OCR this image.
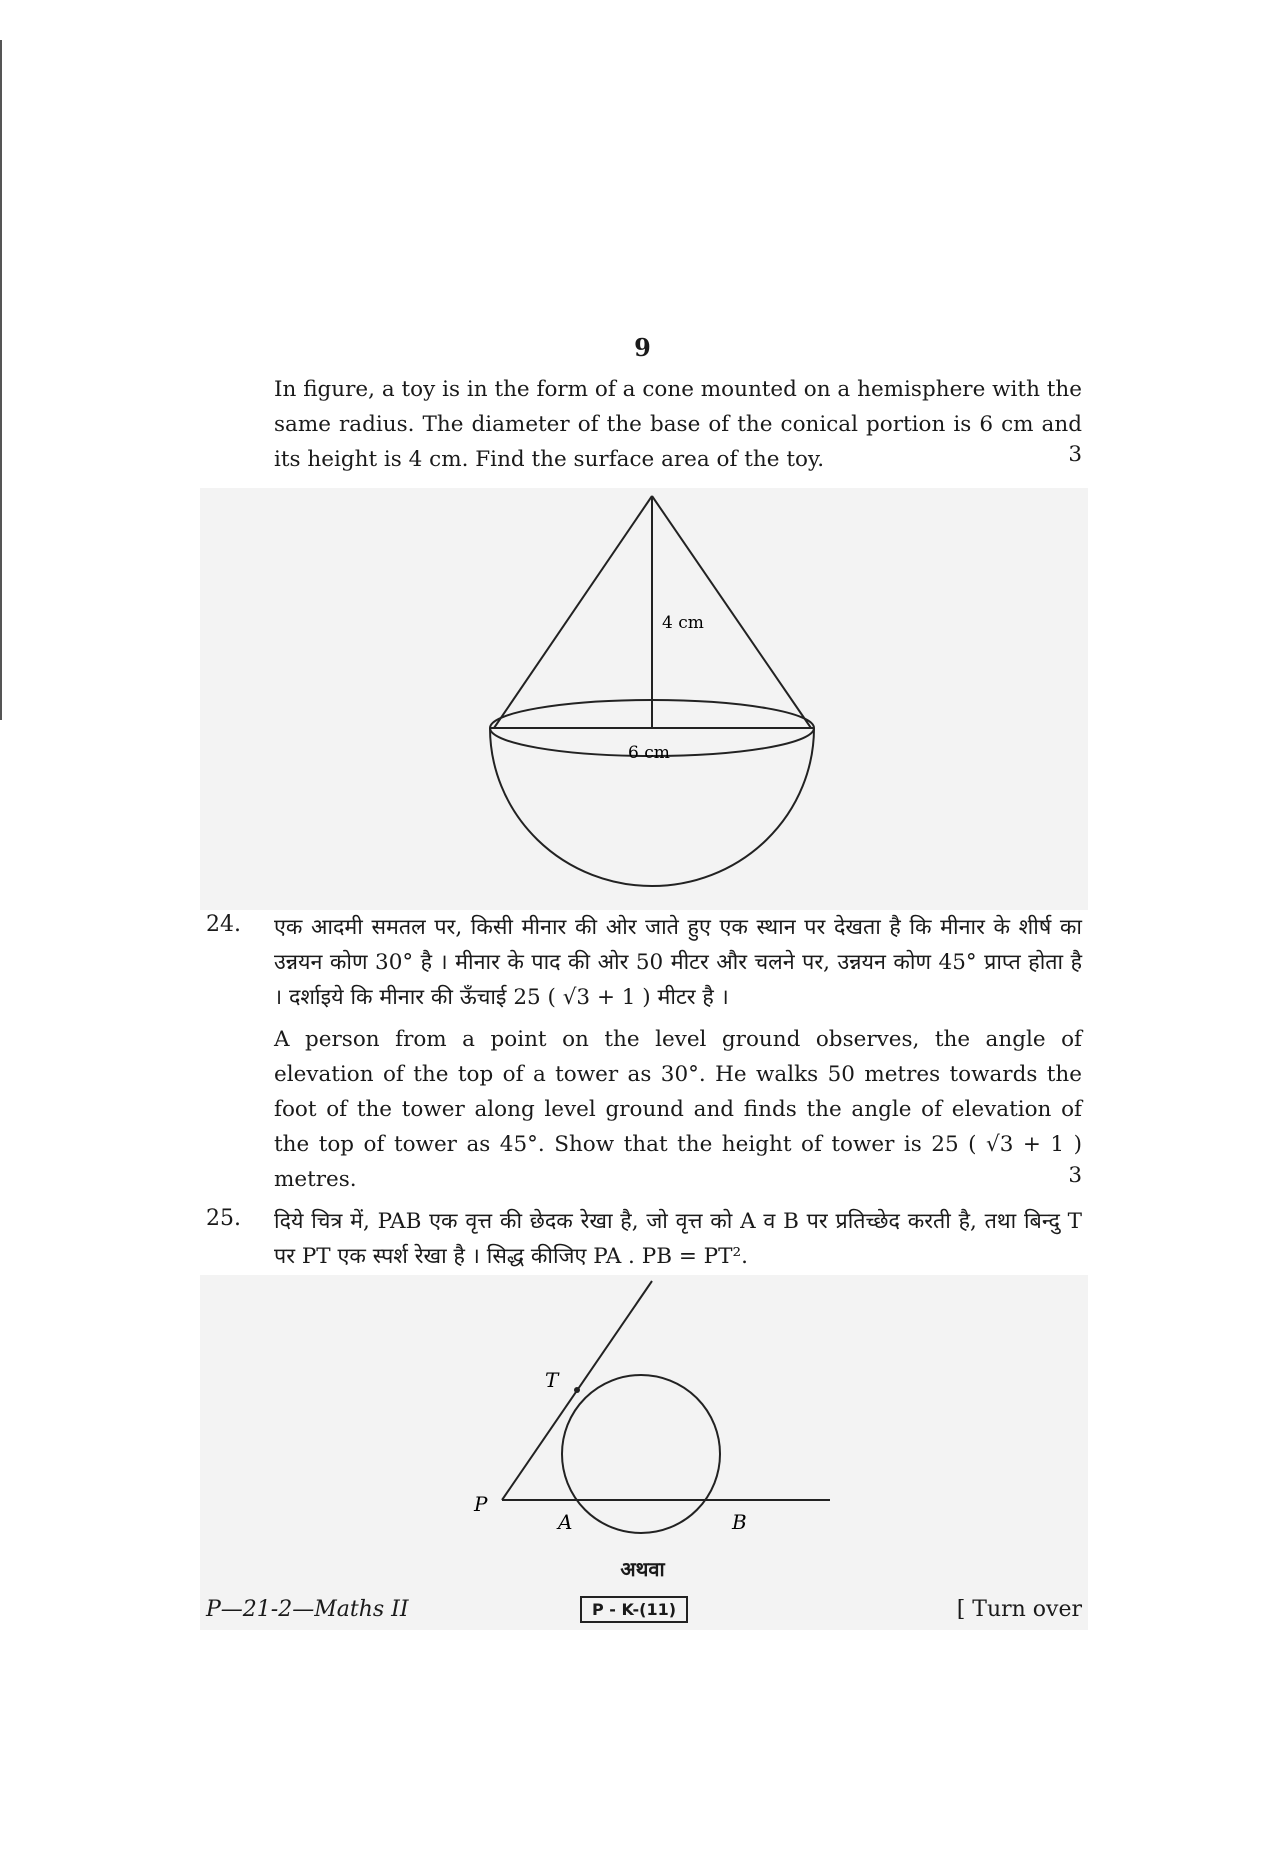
9
In figure, a toy is in the form of a cone mounted on a hemisphere with the same radius. The diameter of the base of the conical portion is 6 cm and its height is 4 cm. Find the surface area of the toy.	3
4 cm
6 cm
24. एक आदमी समतल पर, किसी मीनार की ओर जाते हुए एक स्थान पर देखता है कि मीनार के शीर्ष का उन्नयन कोण 30° है । मीनार के पाद की ओर 50 मीटर और चलने पर, उन्नयन कोण 45° प्राप्त होता है । दर्शाइये कि मीनार की ऊँचाई 25 ( √3 + 1 ) मीटर है ।
A person from a point on the level ground observes, the angle of elevation of the top of a tower as 30°. He walks 50 metres towards the foot of the tower along level ground and finds the angle of elevation of the top of tower as 45°. Show that the height of tower is 25 ( √3 + 1 ) metres.	3
25. दिये चित्र में, PAB एक वृत्त की छेदक रेखा है, जो वृत्त को A व B पर प्रतिच्छेद करती है, तथा बिन्दु T पर PT एक स्पर्श रेखा है । सिद्ध कीजिए PA . PB = PT².
T
P
A	B
अथवा
P—21-2—Maths II	P - K-(11)	[ Turn over
